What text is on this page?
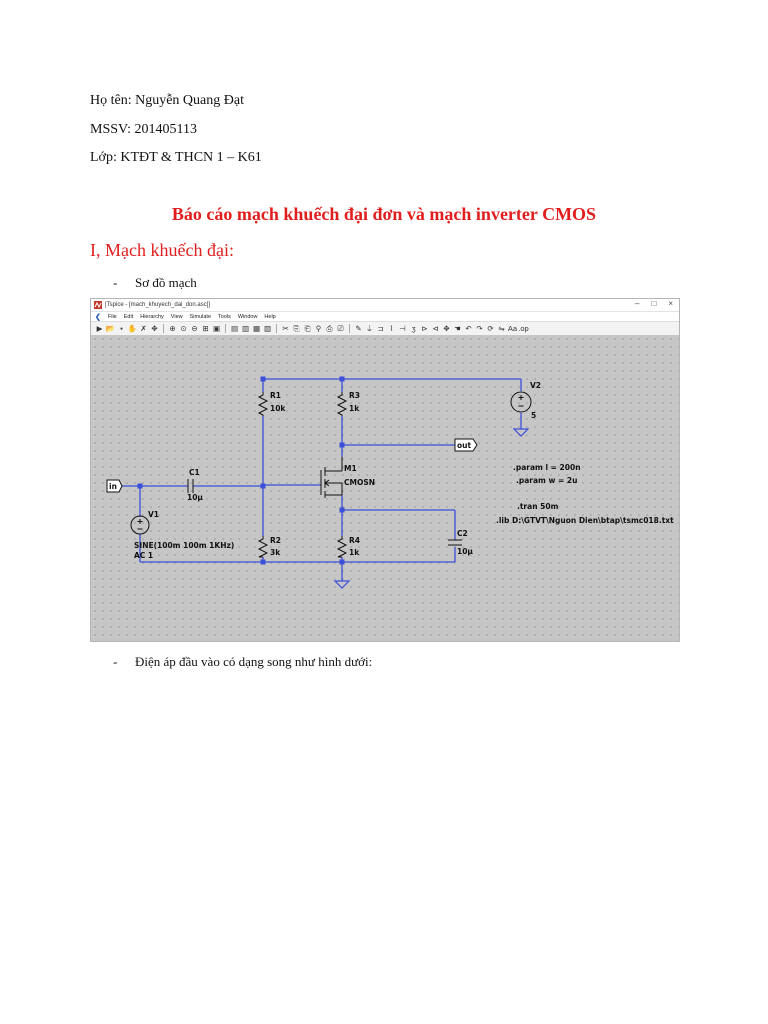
Họ tên: Nguyễn Quang Đạt
MSSV: 201405113
Lớp: KTĐT & THCN 1 – K61
Báo cáo mạch khuếch đại đơn và mạch inverter CMOS
I, Mạch khuếch đại:
- Sơ đồ mạch
[Tspice - [mach_khuyech_dai_don.asc]]	– □ ×
❮ File Edit Hierarchy View Simulate Tools Window Help
▶ 📂 ▪ ✋ ✗ ✥ ⊕ ⊙ ⊖ ⊞ ▣ ▤ ▥ ▦ ▧ ✂ ⎘ ⎗ ⚲ ⎙ ⎚ ✎ ⏚ ⊐ ⌇ ⊣ ʒ ⊳ ⊲ ✥ ☚ ↶ ↷ ⟳ ⇋ Aa .op
in
out
C1
10µ
R1
10k
R2
3k
R3
1k
R4
1k
M1
CMOSN
V1
SINE(100m 100m 1KHz)
AC 1
V2
5
C2
10µ
.param l = 200n
.param w = 2u
.tran 50m
.lib D:\GTVT\Nguon Dien\btap\tsmc018.txt
- Điện áp đầu vào có dạng song như hình dưới:
